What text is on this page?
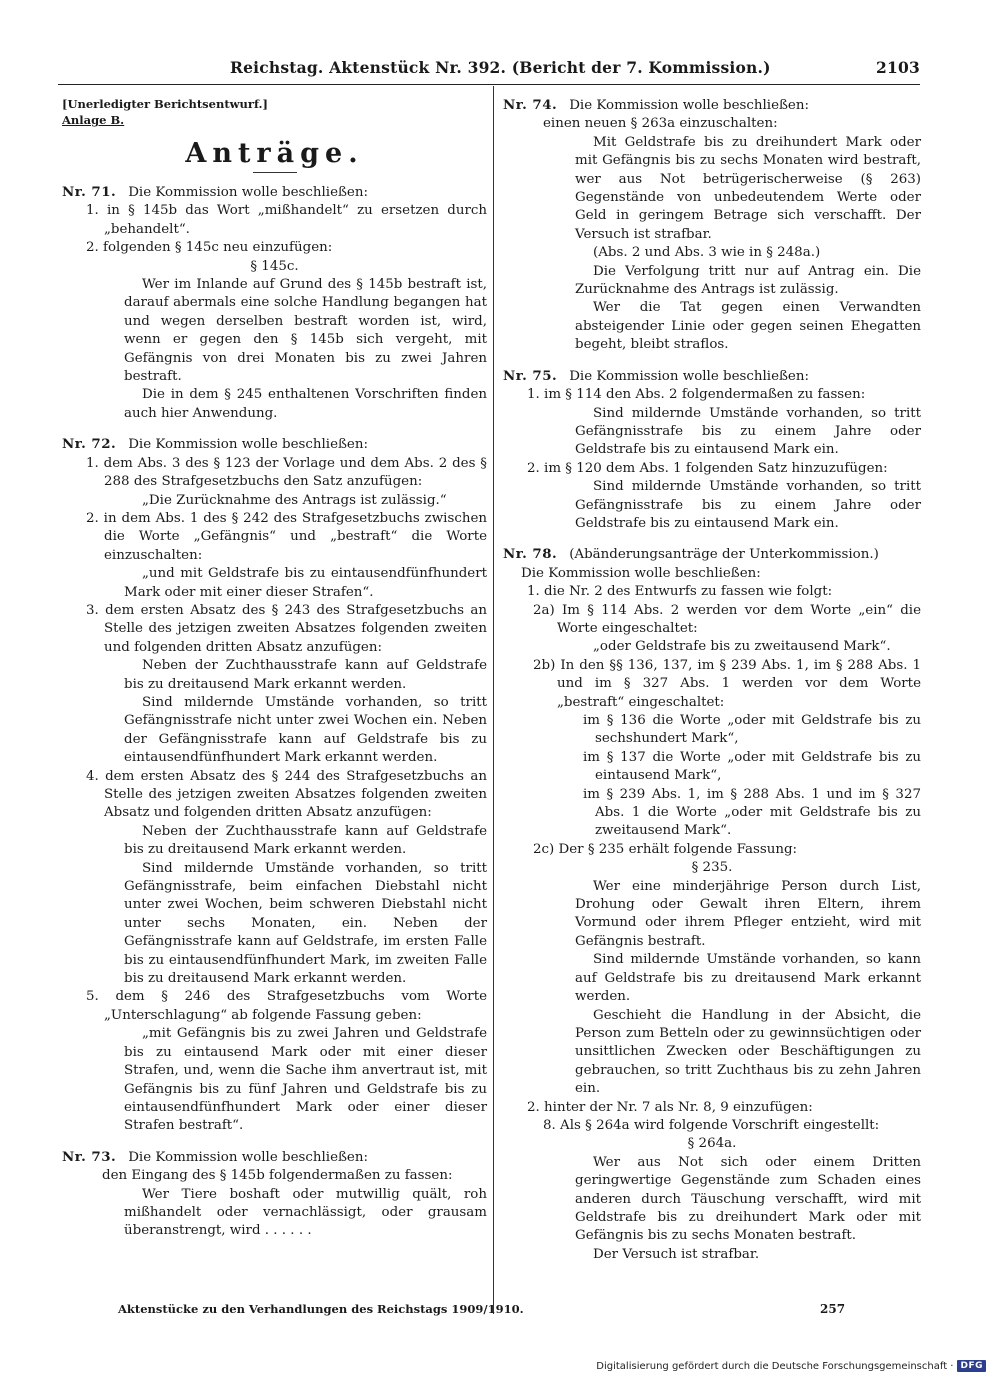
Reichstag. Aktenstück Nr. 392. (Bericht der 7. Kommission.)	2103
[Unerledigter Berichtsentwurf.]
Anlage B.
Anträge.
Nr. 71. Die Kommission wolle beschließen:
1. in § 145b das Wort „mißhandelt“ zu ersetzen durch „behandelt“.
2. folgenden § 145c neu einzufügen:
§ 145c.
Wer im Inlande auf Grund des § 145b bestraft ist, darauf abermals eine solche Handlung begangen hat und wegen derselben bestraft worden ist, wird, wenn er gegen den § 145b sich vergeht, mit Gefängnis von drei Monaten bis zu zwei Jahren bestraft.
Die in dem § 245 enthaltenen Vorschriften finden auch hier Anwendung.
Nr. 72. Die Kommission wolle beschließen:
1. dem Abs. 3 des § 123 der Vorlage und dem Abs. 2 des § 288 des Strafgesetzbuchs den Satz anzufügen:
„Die Zurücknahme des Antrags ist zulässig.“
2. in dem Abs. 1 des § 242 des Strafgesetzbuchs zwischen die Worte „Gefängnis“ und „bestraft“ die Worte einzuschalten:
„und mit Geldstrafe bis zu eintausendfünfhundert Mark oder mit einer dieser Strafen“.
3. dem ersten Absatz des § 243 des Strafgesetzbuchs an Stelle des jetzigen zweiten Absatzes folgenden zweiten und folgenden dritten Absatz anzufügen:
Neben der Zuchthausstrafe kann auf Geldstrafe bis zu dreitausend Mark erkannt werden.
Sind mildernde Umstände vorhanden, so tritt Gefängnisstrafe nicht unter zwei Wochen ein. Neben der Gefängnisstrafe kann auf Geldstrafe bis zu eintausendfünfhundert Mark erkannt werden.
4. dem ersten Absatz des § 244 des Strafgesetzbuchs an Stelle des jetzigen zweiten Absatzes folgenden zweiten Absatz und folgenden dritten Absatz anzufügen:
Neben der Zuchthausstrafe kann auf Geldstrafe bis zu dreitausend Mark erkannt werden.
Sind mildernde Umstände vorhanden, so tritt Gefängnisstrafe, beim einfachen Diebstahl nicht unter zwei Wochen, beim schweren Diebstahl nicht unter sechs Monaten, ein. Neben der Gefängnisstrafe kann auf Geldstrafe, im ersten Falle bis zu eintausendfünfhundert Mark, im zweiten Falle bis zu dreitausend Mark erkannt werden.
5. dem § 246 des Strafgesetzbuchs vom Worte „Unterschlagung“ ab folgende Fassung geben:
„mit Gefängnis bis zu zwei Jahren und Geldstrafe bis zu eintausend Mark oder mit einer dieser Strafen, und, wenn die Sache ihm anvertraut ist, mit Gefängnis bis zu fünf Jahren und Geldstrafe bis zu eintausendfünfhundert Mark oder einer dieser Strafen bestraft“.
Nr. 73. Die Kommission wolle beschließen:
den Eingang des § 145b folgendermaßen zu fassen:
Wer Tiere boshaft oder mutwillig quält, roh mißhandelt oder vernachlässigt, oder grausam überanstrengt, wird . . . . . .
Nr. 74. Die Kommission wolle beschließen:
einen neuen § 263a einzuschalten:
Mit Geldstrafe bis zu dreihundert Mark oder mit Gefängnis bis zu sechs Monaten wird bestraft, wer aus Not betrügerischerweise (§ 263) Gegenstände von unbedeutendem Werte oder Geld in geringem Betrage sich verschafft. Der Versuch ist strafbar.
(Abs. 2 und Abs. 3 wie in § 248a.)
Die Verfolgung tritt nur auf Antrag ein. Die Zurücknahme des Antrags ist zulässig.
Wer die Tat gegen einen Verwandten absteigender Linie oder gegen seinen Ehegatten begeht, bleibt straflos.
Nr. 75. Die Kommission wolle beschließen:
1. im § 114 den Abs. 2 folgendermaßen zu fassen:
Sind mildernde Umstände vorhanden, so tritt Gefängnisstrafe bis zu einem Jahre oder Geldstrafe bis zu eintausend Mark ein.
2. im § 120 dem Abs. 1 folgenden Satz hinzuzufügen:
Sind mildernde Umstände vorhanden, so tritt Gefängnisstrafe bis zu einem Jahre oder Geldstrafe bis zu eintausend Mark ein.
Nr. 78. (Abänderungsanträge der Unterkommission.)
Die Kommission wolle beschließen:
1. die Nr. 2 des Entwurfs zu fassen wie folgt:
2a) Im § 114 Abs. 2 werden vor dem Worte „ein“ die Worte eingeschaltet:
„oder Geldstrafe bis zu zweitausend Mark“.
2b) In den §§ 136, 137, im § 239 Abs. 1, im § 288 Abs. 1 und im § 327 Abs. 1 werden vor dem Worte „bestraft“ eingeschaltet:
im § 136 die Worte „oder mit Geldstrafe bis zu sechshundert Mark“,
im § 137 die Worte „oder mit Geldstrafe bis zu eintausend Mark“,
im § 239 Abs. 1, im § 288 Abs. 1 und im § 327 Abs. 1 die Worte „oder mit Geldstrafe bis zu zweitausend Mark“.
2c) Der § 235 erhält folgende Fassung:
§ 235.
Wer eine minderjährige Person durch List, Drohung oder Gewalt ihren Eltern, ihrem Vormund oder ihrem Pfleger entzieht, wird mit Gefängnis bestraft.
Sind mildernde Umstände vorhanden, so kann auf Geldstrafe bis zu dreitausend Mark erkannt werden.
Geschieht die Handlung in der Absicht, die Person zum Betteln oder zu gewinnsüchtigen oder unsittlichen Zwecken oder Beschäftigungen zu gebrauchen, so tritt Zuchthaus bis zu zehn Jahren ein.
2. hinter der Nr. 7 als Nr. 8, 9 einzufügen:
8. Als § 264a wird folgende Vorschrift eingestellt:
§ 264a.
Wer aus Not sich oder einem Dritten geringwertige Gegenstände zum Schaden eines anderen durch Täuschung verschafft, wird mit Geldstrafe bis zu dreihundert Mark oder mit Gefängnis bis zu sechs Monaten bestraft.
Der Versuch ist strafbar.
Aktenstücke zu den Verhandlungen des Reichstags 1909/1910.	257
Digitalisierung gefördert durch die Deutsche Forschungsgemeinschaft · DFG
